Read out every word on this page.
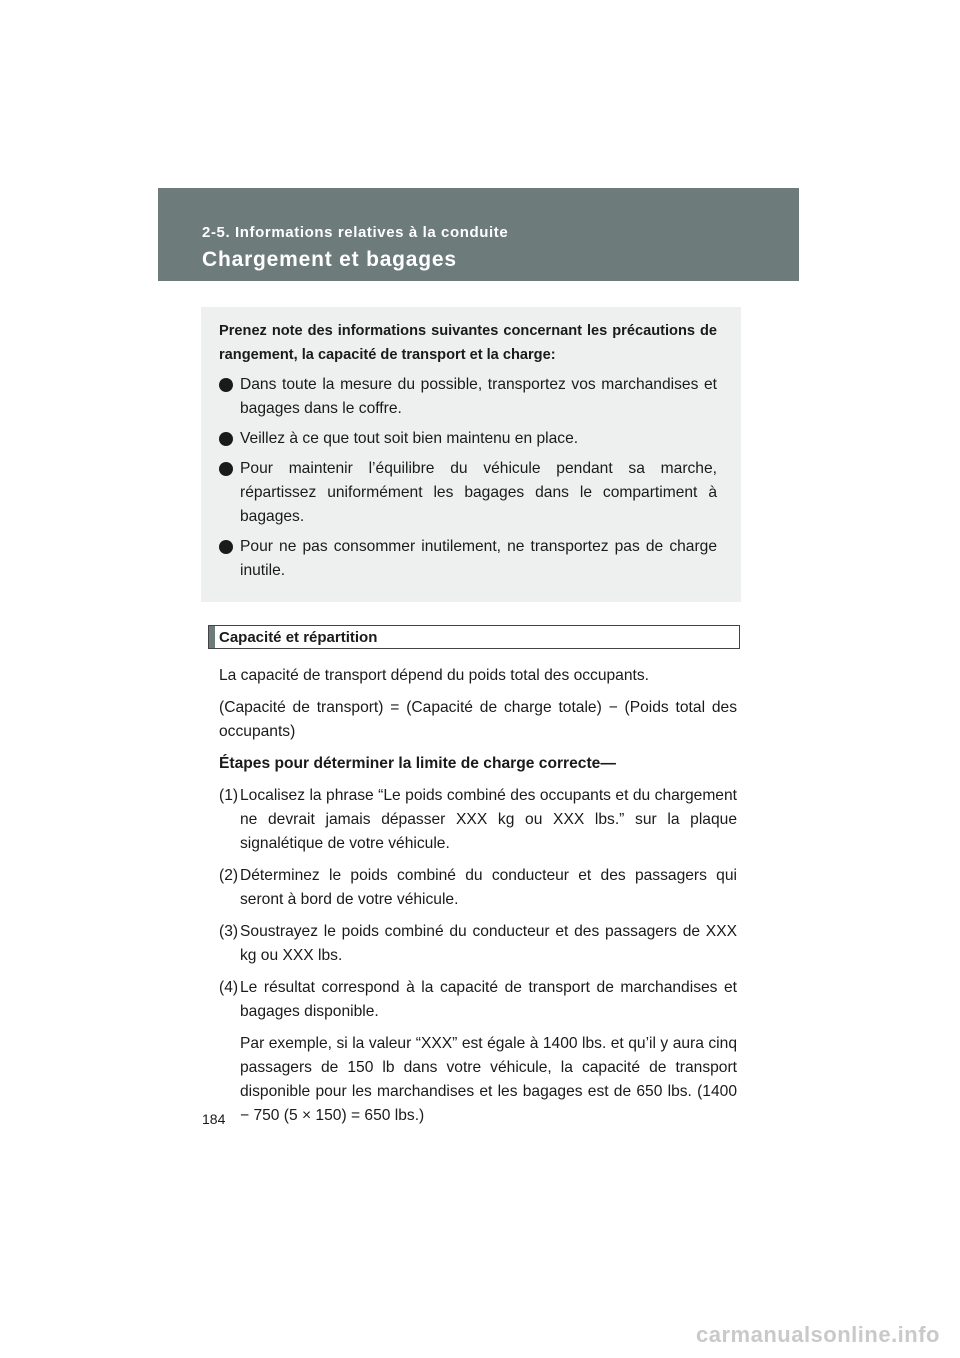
2-5. Informations relatives à la conduite
Chargement et bagages

Prenez note des informations suivantes concernant les précautions de rangement, la capacité de transport et la charge:

Dans toute la mesure du possible, transportez vos marchandises et bagages dans le coffre.
Veillez à ce que tout soit bien maintenu en place.
Pour maintenir l’équilibre du véhicule pendant sa marche, répartissez uniformément les bagages dans le compartiment à bagages.
Pour ne pas consommer inutilement, ne transportez pas de charge inutile.
Capacité et répartition

La capacité de transport dépend du poids total des occupants.

(Capacité de transport) = (Capacité de charge totale) − (Poids total des occupants)

Étapes pour déterminer la limite de charge correcte—

(1) Localisez la phrase “Le poids combiné des occupants et du chargement ne devrait jamais dépasser XXX kg ou XXX lbs.” sur la plaque signalétique de votre véhicule.
(2) Déterminez le poids combiné du conducteur et des passagers qui seront à bord de votre véhicule.
(3) Soustrayez le poids combiné du conducteur et des passagers de XXX kg ou XXX lbs.
(4) Le résultat correspond à la capacité de transport de marchandises et bagages disponible.

Par exemple, si la valeur “XXX” est égale à 1400 lbs. et qu’il y aura cinq passagers de 150 lb dans votre véhicule, la capacité de transport disponible pour les marchandises et les bagages est de 650 lbs. (1400 − 750 (5 × 150) = 650 lbs.)

184
carmanualsonline.info
